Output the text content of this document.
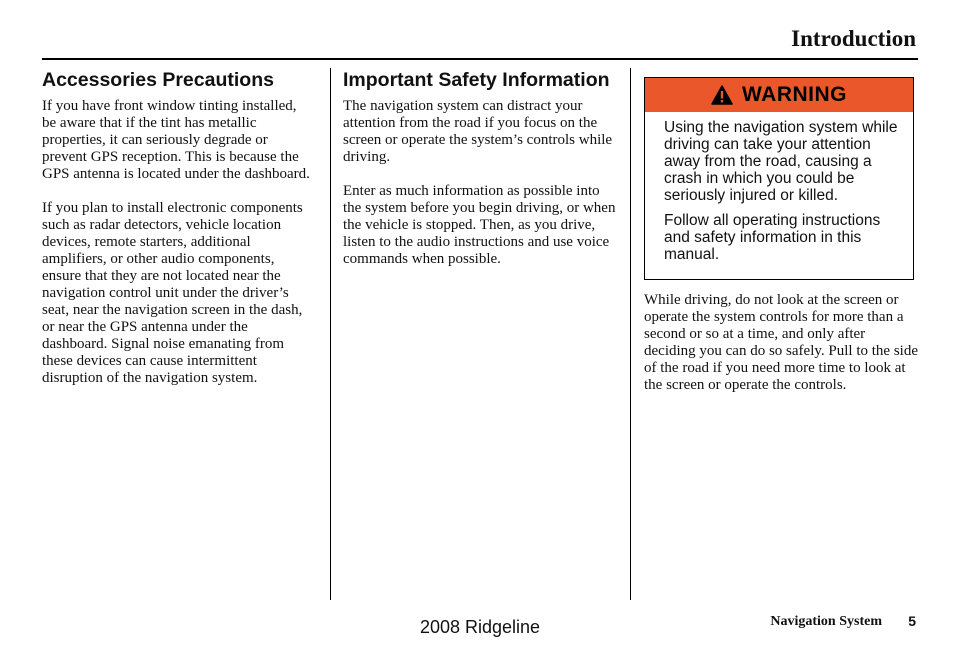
Introduction
Accessories Precautions

If you have front window tinting installed, be aware that if the tint has metallic properties, it can seriously degrade or prevent GPS reception. This is because the GPS antenna is located under the dashboard.

If you plan to install electronic components such as radar detectors, vehicle location devices, remote starters, additional amplifiers, or other audio components, ensure that they are not located near the navigation control unit under the driver’s seat, near the navigation screen in the dash, or near the GPS antenna under the dashboard. Signal noise emanating from these devices can cause intermittent disruption of the navigation system.

Important Safety Information

The navigation system can distract your attention from the road if you focus on the screen or operate the system’s controls while driving.

Enter as much information as possible into the system before you begin driving, or when the vehicle is stopped. Then, as you drive, listen to the audio instructions and use voice commands when possible.

WARNING

Using the navigation system while driving can take your attention away from the road, causing a crash in which you could be seriously injured or killed.

Follow all operating instructions and safety information in this manual.

While driving, do not look at the screen or operate the system controls for more than a second or so at a time, and only after deciding you can do so safely. Pull to the side of the road if you need more time to look at the screen or operate the controls.

Navigation System 5
2008 Ridgeline
